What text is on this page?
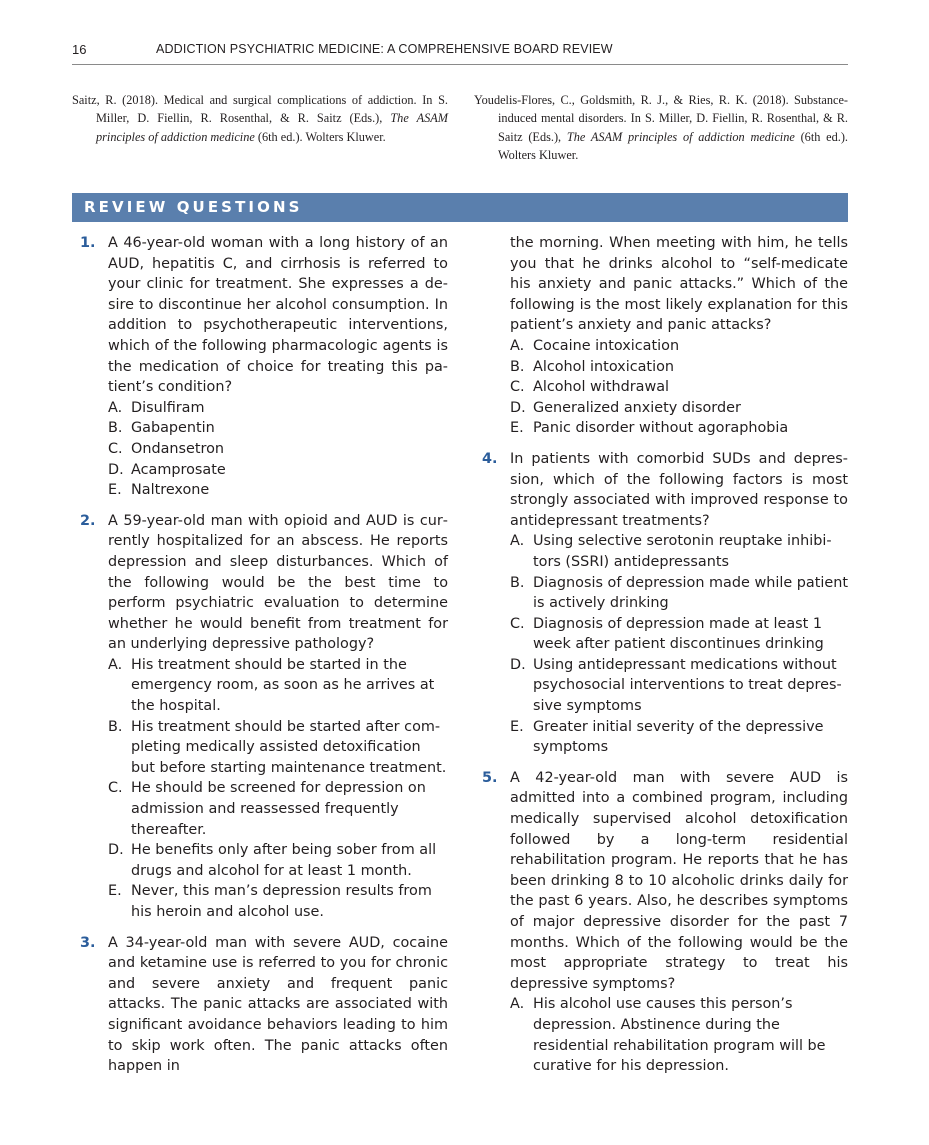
16	ADDICTION PSYCHIATRIC MEDICINE: A COMPREHENSIVE BOARD REVIEW
Saitz, R. (2018). Medical and surgical complications of addiction. In S. Miller, D. Fiellin, R. Rosenthal, & R. Saitz (Eds.), The ASAM principles of addiction medicine (6th ed.). Wolters Kluwer.
Youdelis-Flores, C., Goldsmith, R. J., & Ries, R. K. (2018). Substance-induced mental disorders. In S. Miller, D. Fiellin, R. Rosenthal, & R. Saitz (Eds.), The ASAM principles of addiction medicine (6th ed.). Wolters Kluwer.
REVIEW QUESTIONS
1. A 46-year-old woman with a long history of an AUD, hepatitis C, and cirrhosis is referred to your clinic for treatment. She expresses a desire to discontinue her alcohol consumption. In addition to psychotherapeutic interventions, which of the following pharmacologic agents is the medication of choice for treating this patient’s condition?
A. Disulfiram
B. Gabapentin
C. Ondansetron
D. Acamprosate
E. Naltrexone
2. A 59-year-old man with opioid and AUD is currently hospitalized for an abscess. He reports depression and sleep disturbances. Which of the following would be the best time to perform psychiatric evaluation to determine whether he would benefit from treatment for an underlying depressive pathology?
A. His treatment should be started in the emergency room, as soon as he arrives at the hospital.
B. His treatment should be started after completing medically assisted detoxification but before starting maintenance treatment.
C. He should be screened for depression on admission and reassessed frequently thereafter.
D. He benefits only after being sober from all drugs and alcohol for at least 1 month.
E. Never, this man’s depression results from his heroin and alcohol use.
3. A 34-year-old man with severe AUD, cocaine and ketamine use is referred to you for chronic and severe anxiety and frequent panic attacks. The panic attacks are associated with significant avoidance behaviors leading to him to skip work often. The panic attacks often happen in
the morning. When meeting with him, he tells you that he drinks alcohol to “self-medicate his anxiety and panic attacks.” Which of the following is the most likely explanation for this patient’s anxiety and panic attacks?
A. Cocaine intoxication
B. Alcohol intoxication
C. Alcohol withdrawal
D. Generalized anxiety disorder
E. Panic disorder without agoraphobia
4. In patients with comorbid SUDs and depression, which of the following factors is most strongly associated with improved response to antidepressant treatments?
A. Using selective serotonin reuptake inhibitors (SSRI) antidepressants
B. Diagnosis of depression made while patient is actively drinking
C. Diagnosis of depression made at least 1 week after patient discontinues drinking
D. Using antidepressant medications without psychosocial interventions to treat depressive symptoms
E. Greater initial severity of the depressive symptoms
5. A 42-year-old man with severe AUD is admitted into a combined program, including medically supervised alcohol detoxification followed by a long-term residential rehabilitation program. He reports that he has been drinking 8 to 10 alcoholic drinks daily for the past 6 years. Also, he describes symptoms of major depressive disorder for the past 7 months. Which of the following would be the most appropriate strategy to treat his depressive symptoms?
A. His alcohol use causes this person’s depression. Abstinence during the residential rehabilitation program will be curative for his depression.
